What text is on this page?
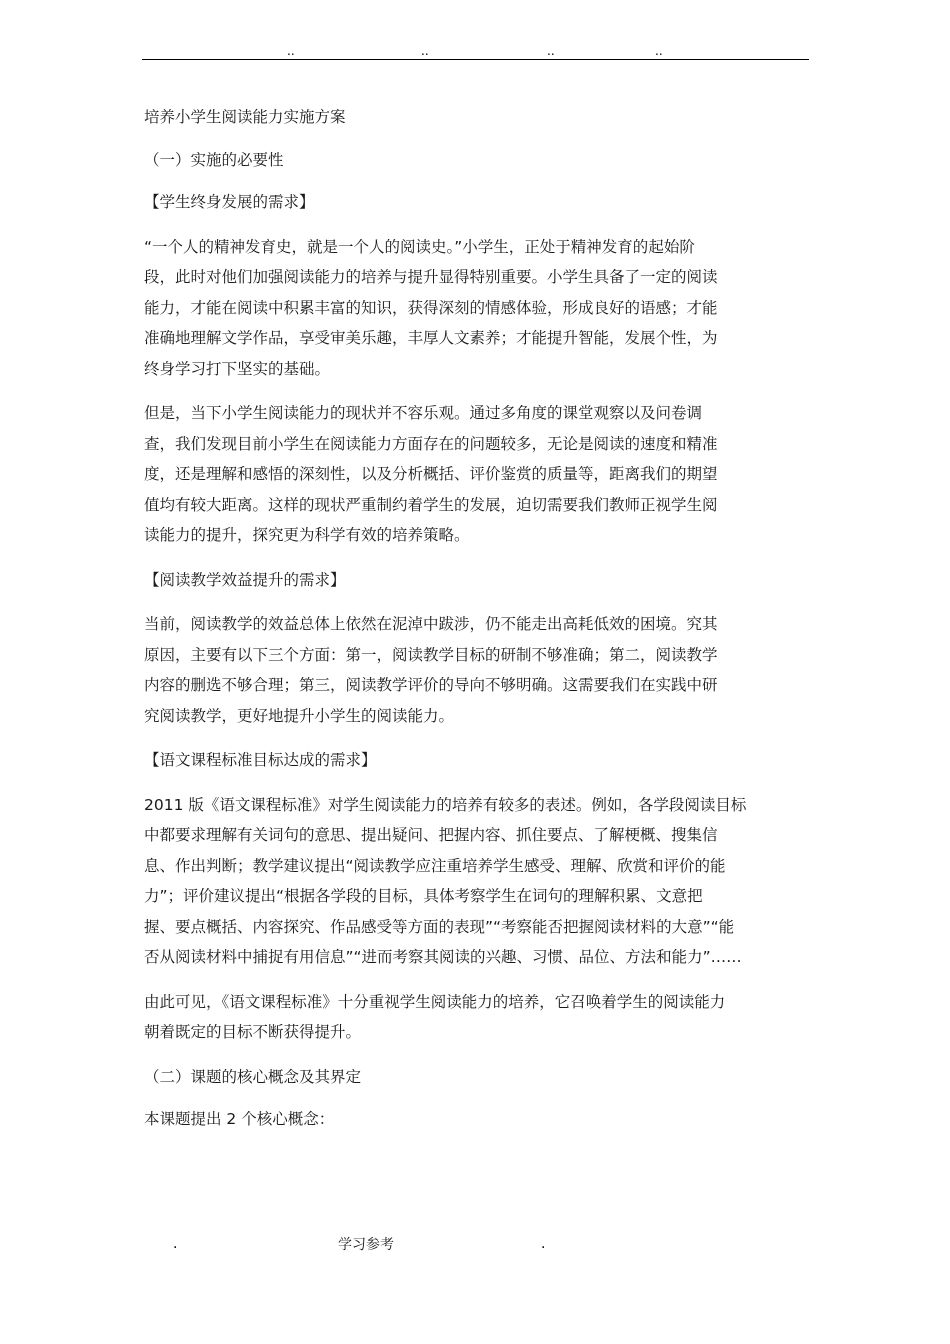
..	..	..	..

培养小学生阅读能力实施方案

（一）实施的必要性

【学生终身发展的需求】

“一个人的精神发育史，就是一个人的阅读史。”小学生，正处于精神发育的起始阶
段，此时对他们加强阅读能力的培养与提升显得特别重要。小学生具备了一定的阅读
能力，才能在阅读中积累丰富的知识，获得深刻的情感体验，形成良好的语感；才能
准确地理解文学作品，享受审美乐趣，丰厚人文素养；才能提升智能，发展个性，为
终身学习打下坚实的基础。

但是，当下小学生阅读能力的现状并不容乐观。通过多角度的课堂观察以及问卷调
查，我们发现目前小学生在阅读能力方面存在的问题较多，无论是阅读的速度和精准
度，还是理解和感悟的深刻性，以及分析概括、评价鉴赏的质量等，距离我们的期望
值均有较大距离。这样的现状严重制约着学生的发展，迫切需要我们教师正视学生阅
读能力的提升，探究更为科学有效的培养策略。

【阅读教学效益提升的需求】

当前，阅读教学的效益总体上依然在泥淖中跋涉，仍不能走出高耗低效的困境。究其
原因，主要有以下三个方面：第一，阅读教学目标的研制不够准确；第二，阅读教学
内容的删选不够合理；第三，阅读教学评价的导向不够明确。这需要我们在实践中研
究阅读教学，更好地提升小学生的阅读能力。

【语文课程标准目标达成的需求】

2011 版《语文课程标准》对学生阅读能力的培养有较多的表述。例如，各学段阅读目标
中都要求理解有关词句的意思、提出疑问、把握内容、抓住要点、了解梗概、搜集信
息、作出判断；教学建议提出“阅读教学应注重培养学生感受、理解、欣赏和评价的能
力”；评价建议提出“根据各学段的目标，具体考察学生在词句的理解积累、文意把
握、要点概括、内容探究、作品感受等方面的表现”“考察能否把握阅读材料的大意”“能
否从阅读材料中捕捉有用信息”“进而考察其阅读的兴趣、习惯、品位、方法和能力”……

由此可见，《语文课程标准》十分重视学生阅读能力的培养，它召唤着学生的阅读能力
朝着既定的目标不断获得提升。

（二）课题的核心概念及其界定

本课题提出 2 个核心概念：

.	学习参考	.
